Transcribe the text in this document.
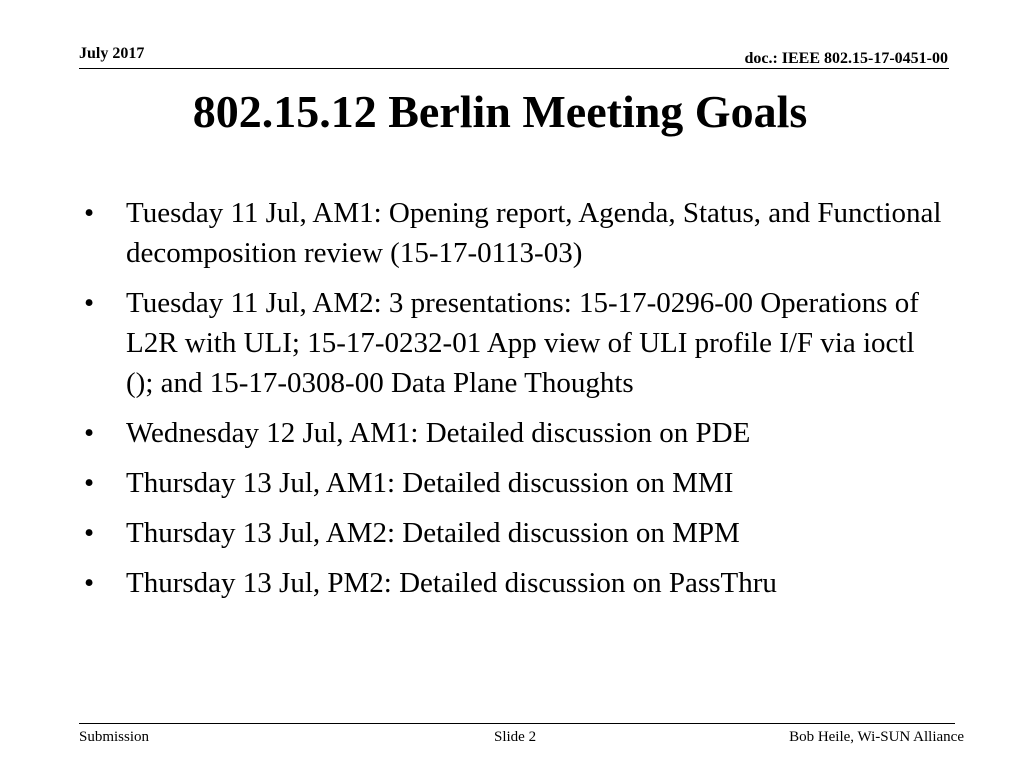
July 2017	doc.: IEEE 802.15-17-0451-00
802.15.12 Berlin Meeting Goals
•	Tuesday 11 Jul, AM1: Opening report, Agenda, Status, and Functional decomposition review (15-17-0113-03)
•	Tuesday 11 Jul, AM2: 3 presentations: 15-17-0296-00 Operations of L2R with ULI; 15-17-0232-01 App view of ULI profile I/F via ioctl (); and 15-17-0308-00 Data Plane Thoughts
•	Wednesday 12 Jul, AM1: Detailed discussion on PDE
•	Thursday 13 Jul, AM1: Detailed discussion on MMI
•	Thursday 13 Jul, AM2: Detailed discussion on MPM
•	Thursday 13 Jul, PM2: Detailed discussion on PassThru
Submission	Slide 2	Bob Heile, Wi-SUN Alliance
